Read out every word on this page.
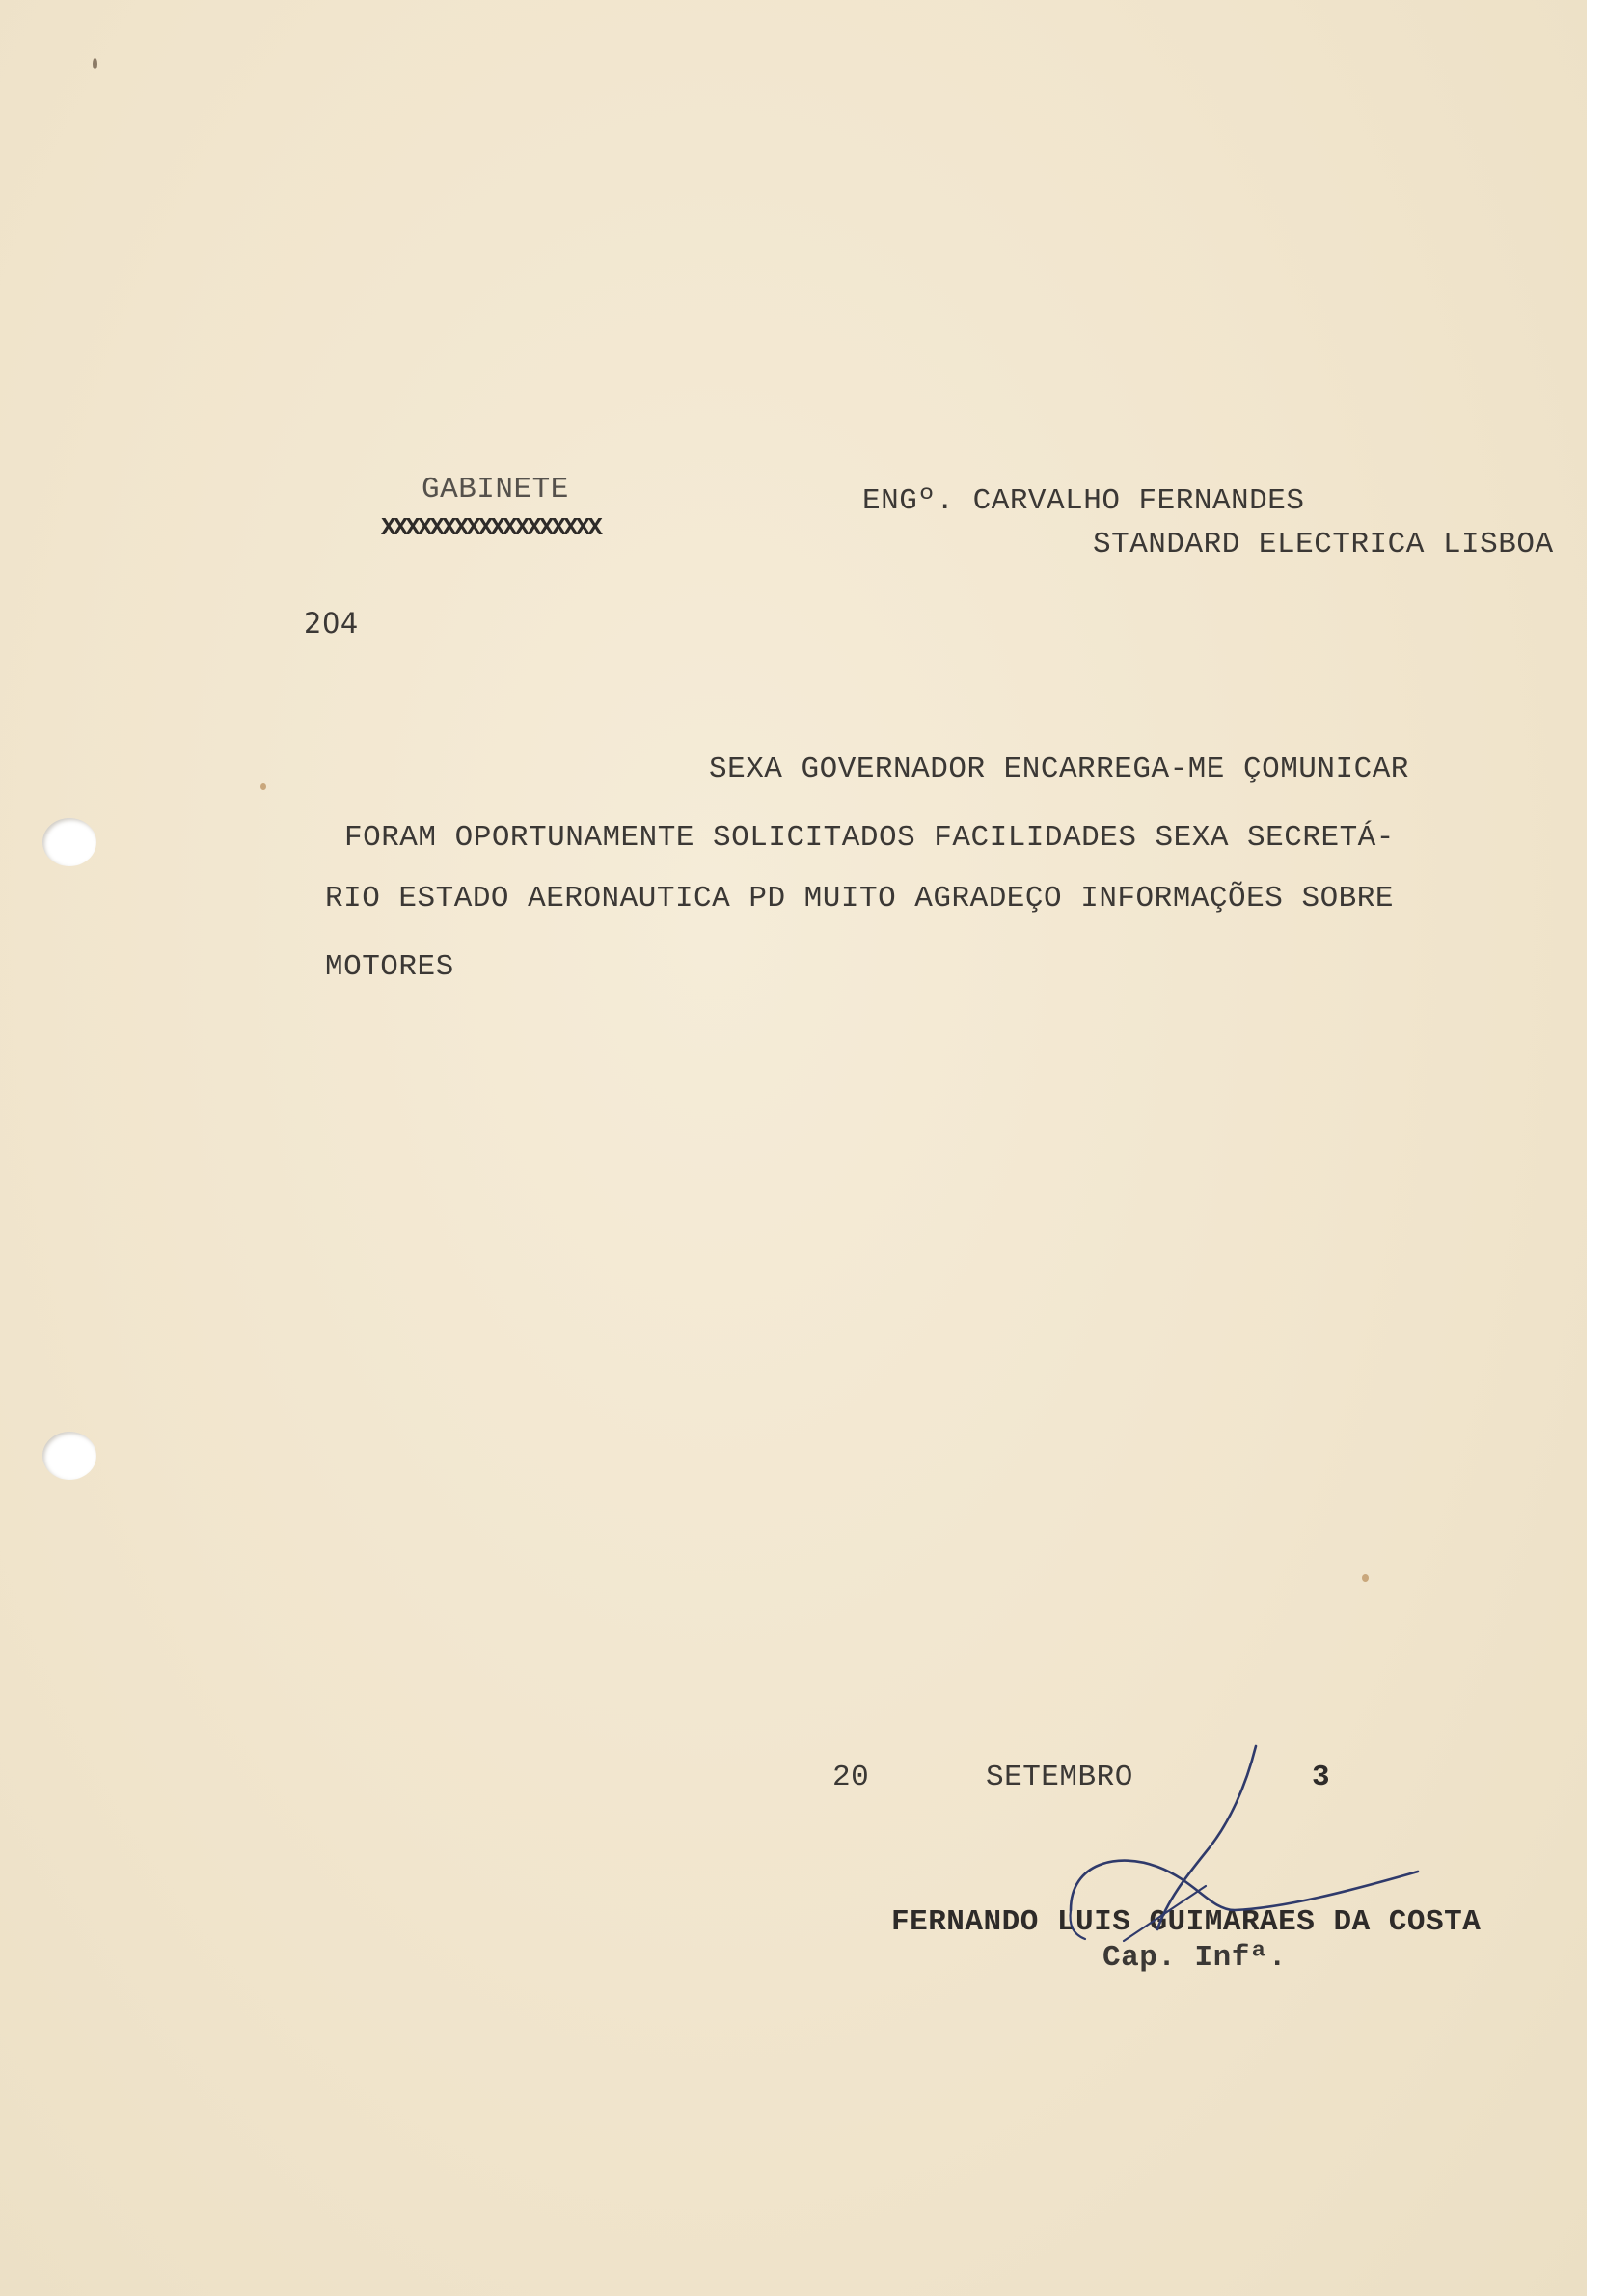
GABINETE

XXXXXXXXXXXXXXXXXX

ENGº. CARVALHO FERNANDES

STANDARD ELECTRICA LISBOA

204

SEXA GOVERNADOR ENCARREGA-ME ÇOMUNICAR

FORAM OPORTUNAMENTE SOLICITADOS FACILIDADES SEXA SECRETÁ-

RIO ESTADO AERONAUTICA PD MUITO AGRADEÇO INFORMAÇÕES SOBRE

MOTORES

20	SETEMBRO	3

FERNANDO LUIS GUIMARAES DA COSTA

Cap. Infª.
